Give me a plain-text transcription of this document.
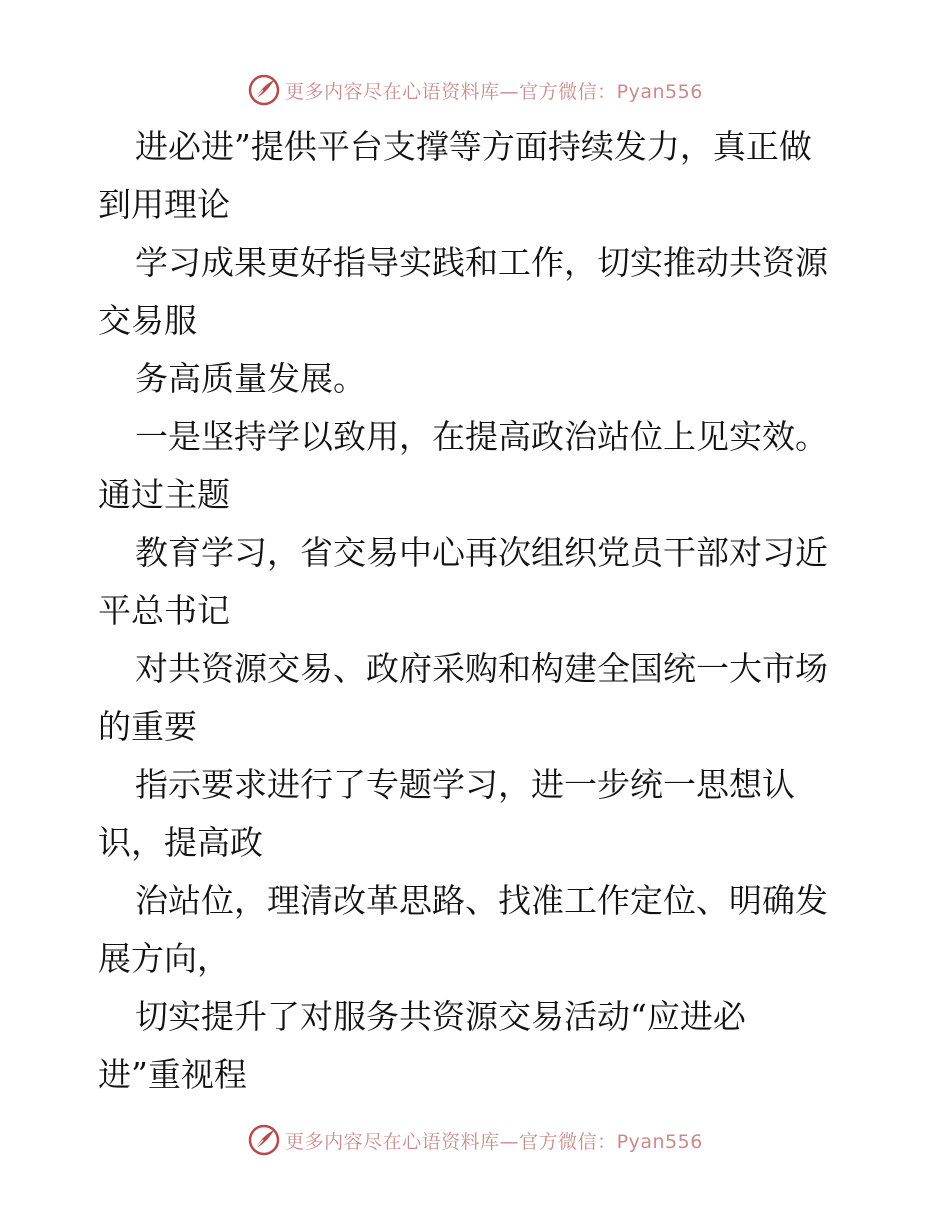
更多内容尽在心语资料库—官方微信：Pyan556

进必进”提供平台支撑等方面持续发力，真正做

到用理论

学习成果更好指导实践和工作，切实推动共资源

交易服

务高质量发展。

一是坚持学以致用，在提高政治站位上见实效。

通过主题

教育学习，省交易中心再次组织党员干部对习近

平总书记

对共资源交易、政府采购和构建全国统一大市场

的重要

指示要求进行了专题学习，进一步统一思想认

识，提高政

治站位，理清改革思路、找准工作定位、明确发

展方向，

切实提升了对服务共资源交易活动“应进必

进”重视程

更多内容尽在心语资料库—官方微信：Pyan556
